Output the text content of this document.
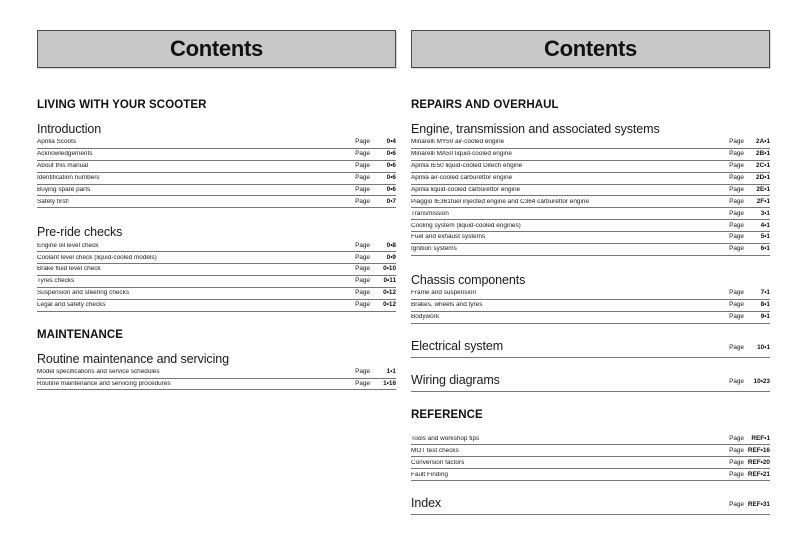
Contents
LIVING WITH YOUR SCOOTER
Introduction
Aprilia Scoots	Page	0•4
Acknowledgements	Page	0•6
About this manual	Page	0•6
Identification numbers	Page	0•6
Buying spare parts	Page	0•6
Safety first!	Page	0•7
Pre-ride checks
Engine oil level check	Page	0•8
Coolant level check (liquid-cooled models)	Page	0•9
Brake fluid level check	Page	0•10
Tyres checks	Page	0•11
Suspension and steering checks	Page	0•12
Legal and safety checks	Page	0•12
MAINTENANCE
Routine maintenance and servicing
Model specifications and service schedules	Page	1•1
Routine maintenance and servicing procedures	Page	1•16
Contents
REPAIRS AND OVERHAUL
Engine, transmission and associated systems
Minarelli MY50 air-cooled engine	Page	2A•1
Minarelli MA50 liquid-cooled engine	Page	2B•1
Aprilia IE50 liquid-cooled Ditech engine	Page	2C•1
Aprilia air-cooled carburettor engine	Page	2D•1
Aprilia liquid-cooled carburettor engine	Page	2E•1
Piaggio IE361fuel injected engine and C364 carburettor engine	Page	2F•1
Transmission	Page	3•1
Cooling system (liquid-cooled engines)	Page	4•1
Fuel and exhaust systems	Page	5•1
Ignition systems	Page	6•1
Chassis components
Frame and suspension	Page	7•1
Brakes, wheels and tyres	Page	8•1
Bodywork	Page	9•1
Electrical system	Page	10•1
Wiring diagrams	Page	10•23
REFERENCE
Tools and workshop tips	Page	REF•1
MOT test checks	Page REF•16
Conversion factors	Page REF•20
Fault Finding	Page REF•21
Index	Page REF•31
